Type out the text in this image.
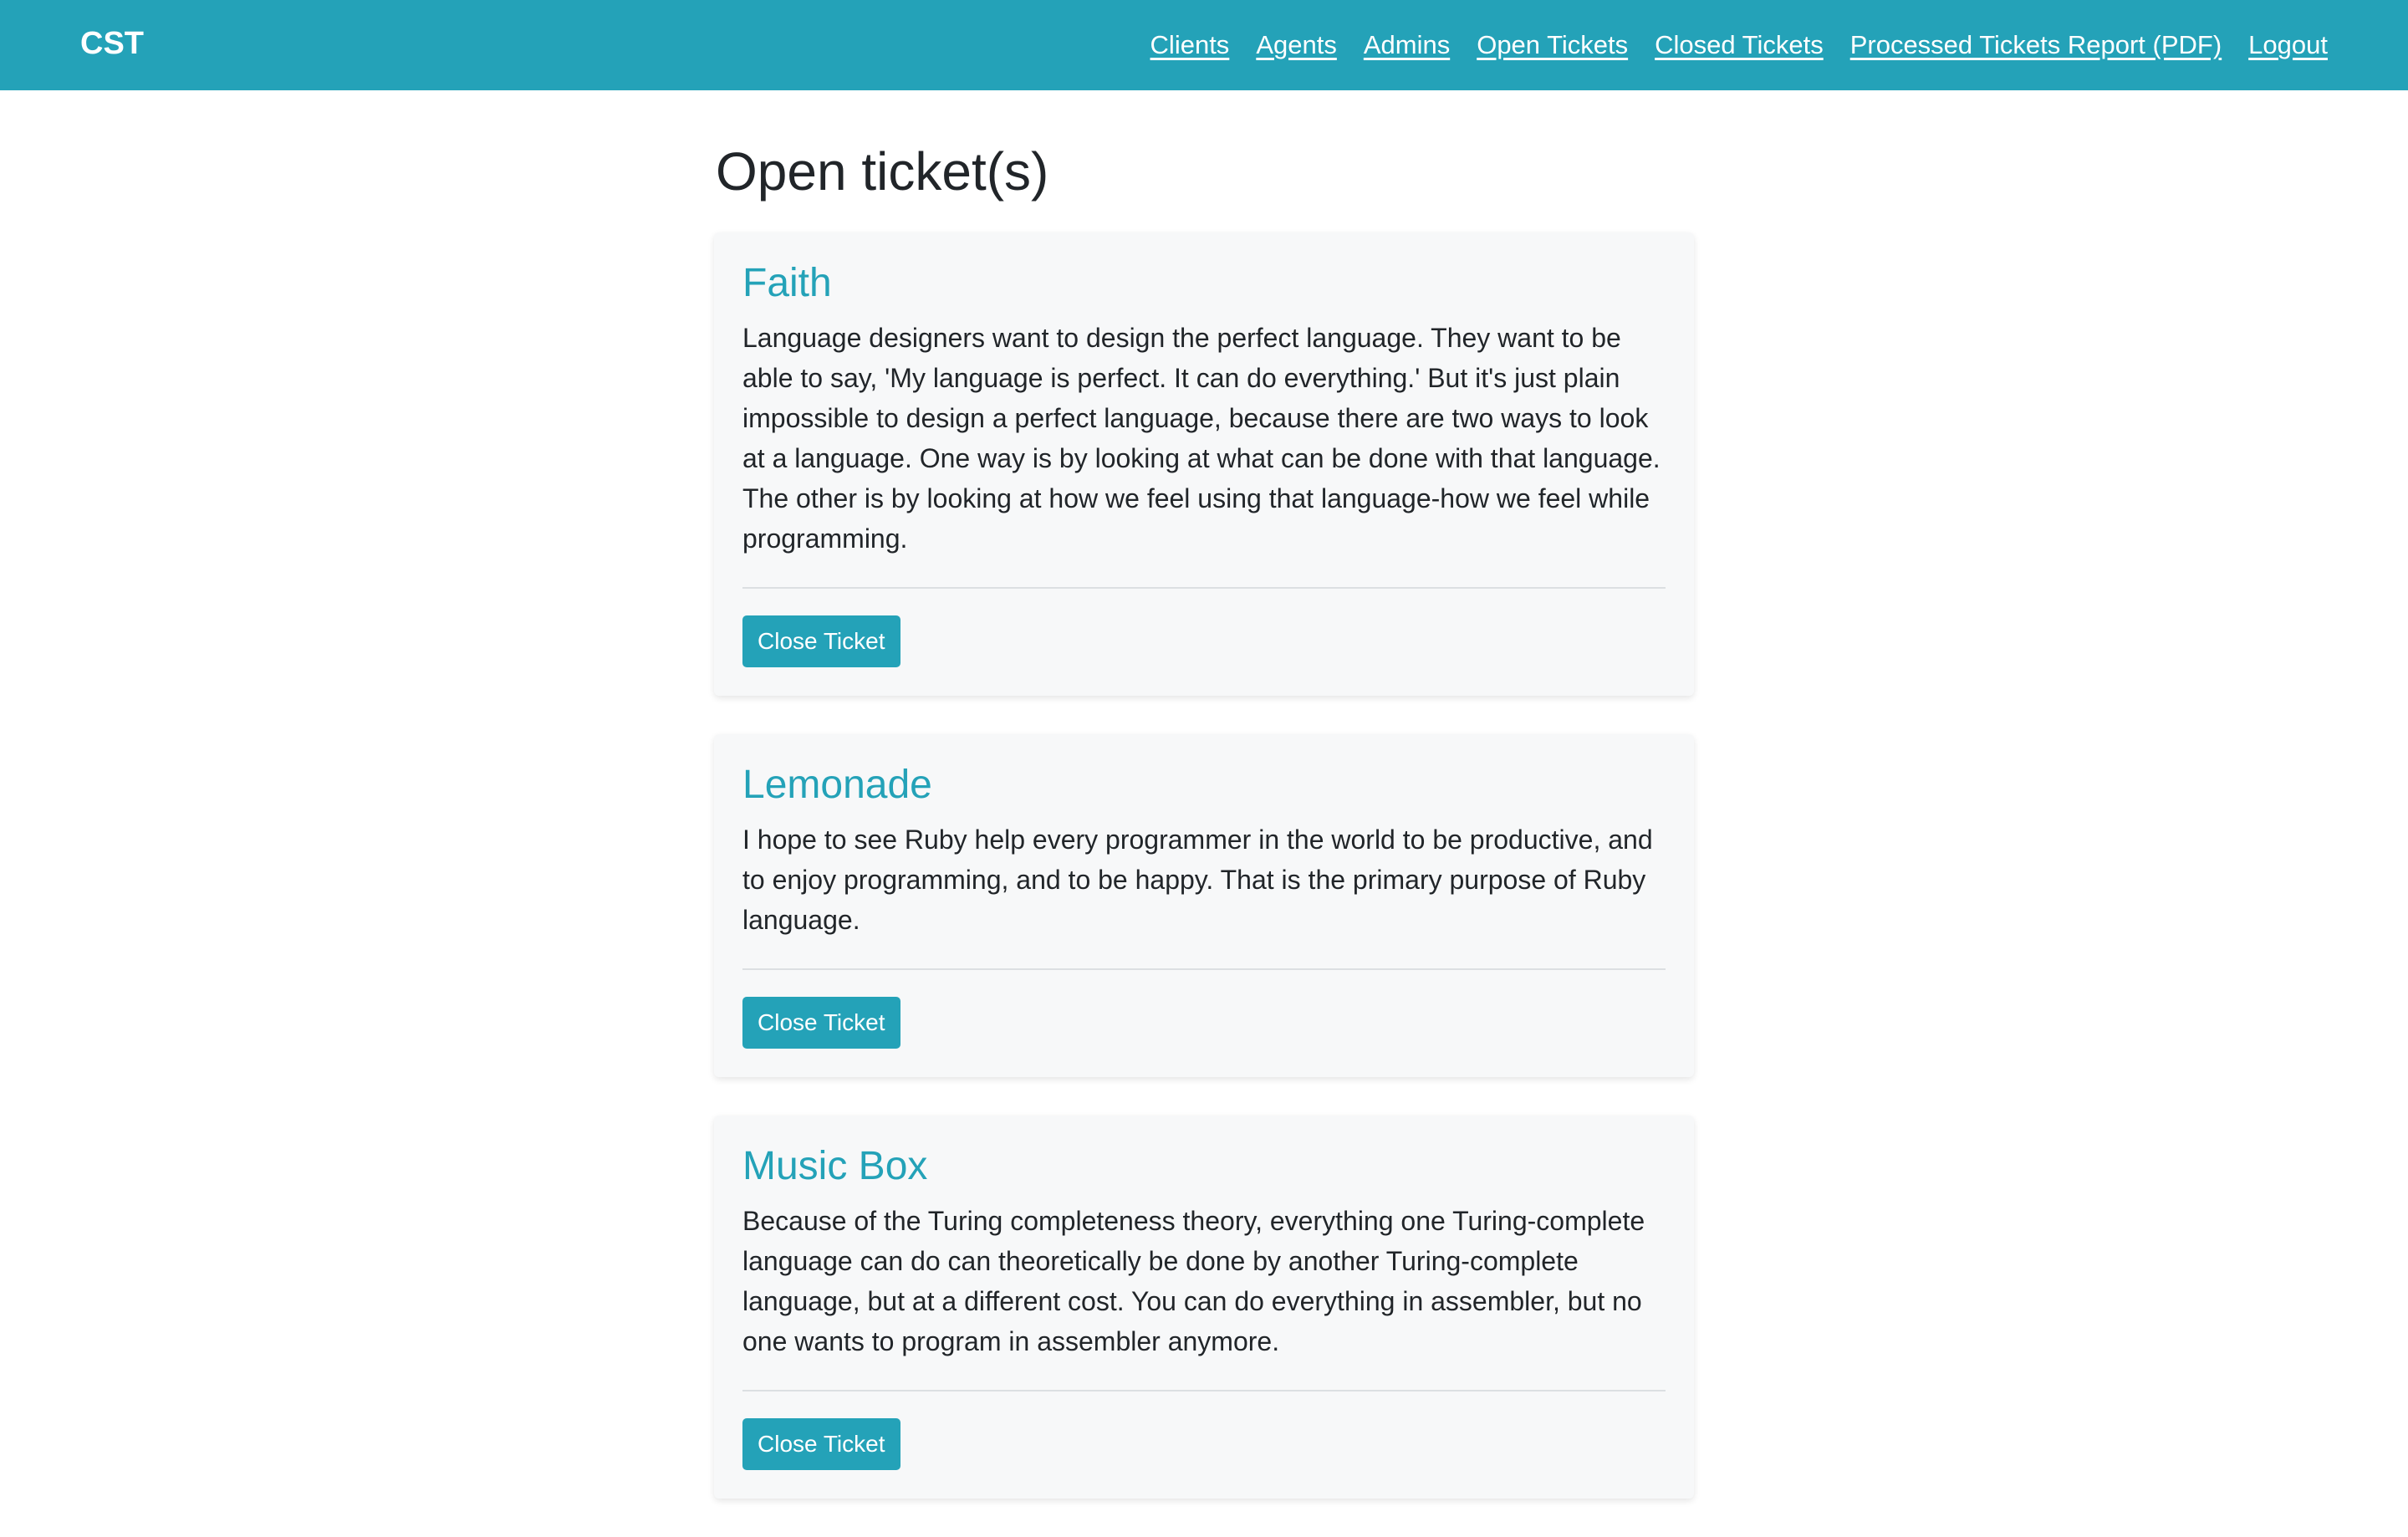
CST	Clients Agents Admins Open Tickets Closed Tickets Processed Tickets Report (PDF) Logout
Open ticket(s)
Faith

Language designers want to design the perfect language. They want to be able to say, 'My language is perfect. It can do everything.' But it's just plain impossible to design a perfect language, because there are two ways to look at a language. One way is by looking at what can be done with that language. The other is by looking at how we feel using that language-how we feel while programming.

Close Ticket
Lemonade

I hope to see Ruby help every programmer in the world to be productive, and to enjoy programming, and to be happy. That is the primary purpose of Ruby language.

Close Ticket
Music Box

Because of the Turing completeness theory, everything one Turing-complete language can do can theoretically be done by another Turing-complete language, but at a different cost. You can do everything in assembler, but no one wants to program in assembler anymore.

Close Ticket
